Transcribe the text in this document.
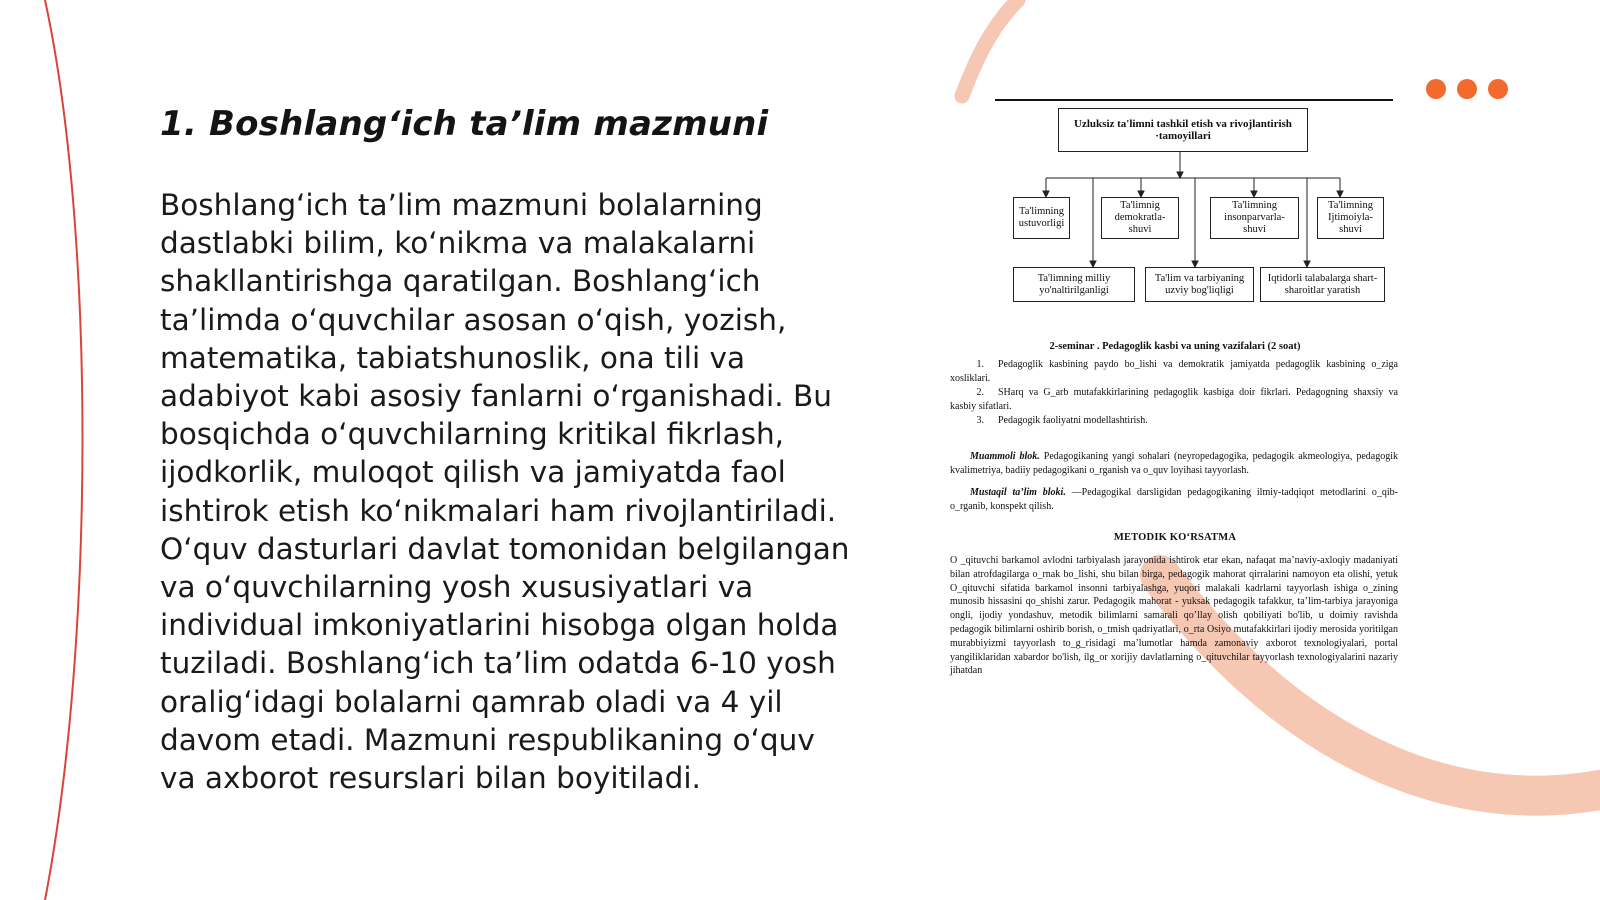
1. Boshlang‘ich ta’lim mazmuni

Boshlang‘ich ta’lim mazmuni bolalarning dastlabki bilim, ko‘nikma va malakalarni shakllantirishga qaratilgan. Boshlang‘ich ta’limda o‘quvchilar asosan o‘qish, yozish, matematika, tabiatshunoslik, ona tili va adabiyot kabi asosiy fanlarni o‘rganishadi. Bu bosqichda o‘quvchilarning kritikal fikrlash, ijodkorlik, muloqot qilish va jamiyatda faol ishtirok etish ko‘nikmalari ham rivojlantiriladi. O‘quv dasturlari davlat tomonidan belgilangan va o‘quvchilarning yosh xususiyatlari va individual imkoniyatlarini hisobga olgan holda tuziladi. Boshlang‘ich ta’lim odatda 6-10 yosh oralig‘idagi bolalarni qamrab oladi va 4 yil davom etadi. Mazmuni respublikaning o‘quv va axborot resurslari bilan boyitiladi.

Uzluksiz ta'limni tashkil etish va rivojlantirish ·tamoyillari
Ta'limning ustuvorligi
Ta'limnig demokratla-shuvi
Ta'limning insonparvarla-shuvi
Ta'limning Ijtimoiyla-shuvi
Ta'limning milliy yo'naltirilganligi
Ta'lim va tarbiyaning uzviy bog'liqligi
Iqtidorli talabalarga shart-sharoitlar yaratish
2-seminar . Pedagoglik kasbi va uning vazifalari (2 soat)

1. Pedagoglik kasbining paydo bo_lishi va demokratik jamiyatda pedagoglik kasbining o_ziga xosliklari.

2. SHarq va G_arb mutafakkirlarining pedagoglik kasbiga doir fikrlari. Pedagogning shaxsiy va kasbiy sifatlari.

3. Pedagogik faoliyatni modellashtirish.

Muammoli blok. Pedagogikaning yangi sohalari (neyropedagogika, pedagogik akmeologiya, pedagogik kvalimetriya, badiiy pedagogikani o_rganish va o_quv loyihasi tayyorlash.

Mustaqil ta’lim bloki. —Pedagogikal darsligidan pedagogikaning ilmiy-tadqiqot metodlarini o_qib-o_rganib, konspekt qilish.

METODIK KO‘RSATMA

O _qituvchi barkamol avlodni tarbiyalash jarayonida ishtirok etar ekan, nafaqat ma’naviy-axloqiy madaniyati bilan atrofdagilarga o_rnak bo_lishi, shu bilan birga, pedagogik mahorat qirralarini namoyon eta olishi, yetuk O_qituvchi sifatida barkamol insonni tarbiyalashga, yuqori malakali kadrlarni tayyorlash ishiga o_zining munosib hissasini qo_shishi zarur. Pedagogik mahorat - yuksak pedagogik tafakkur, ta’lim-tarbiya jarayoniga ongli, ijodiy yondashuv, metodik bilimlarni samarali qo’llay olish qobiliyati bo'lib, u doimiy ravishda pedagogik bilimlarni oshirib borish, o_tmish qadriyatlari, o_rta Osiyo mutafakkirlari ijodiy merosida yoritilgan murabbiyizmi tayyorlash to_g_risidagi ma’lumotlar hamda zamonaviy axborot texnologiyalari, portal yangiliklaridan xabardor bo'lish, ilg_or xorijiy davlatlarning o_qituvchilar tayyorlash texnologiyalarini nazariy jihatdan
